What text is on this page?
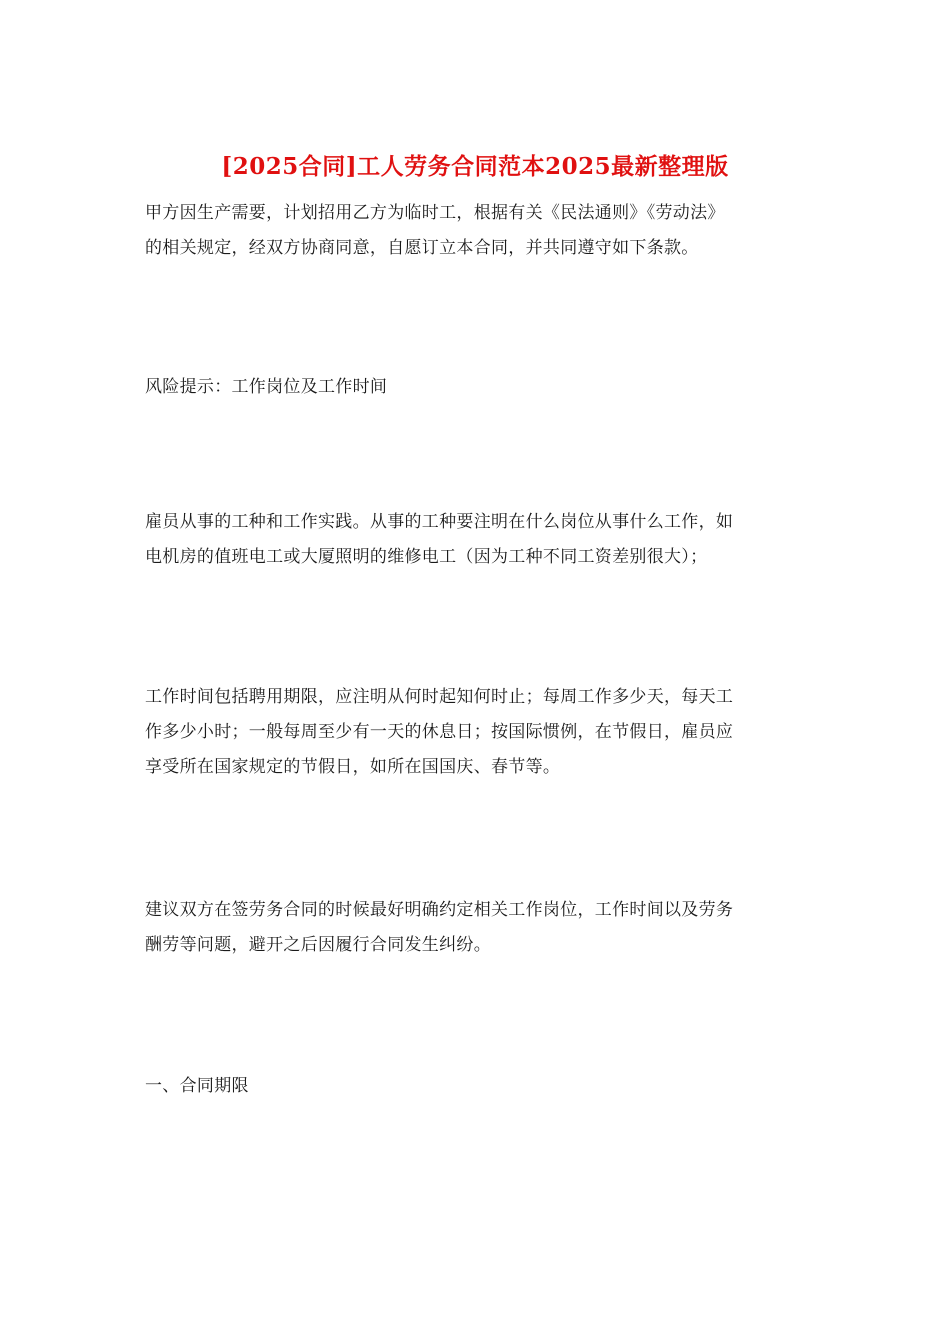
[2025合同]工人劳务合同范本2025最新整理版

甲方因生产需要，计划招用乙方为临时工，根据有关《民法通则》《劳动法》
的相关规定，经双方协商同意，自愿订立本合同，并共同遵守如下条款。

风险提示：工作岗位及工作时间

雇员从事的工种和工作实践。从事的工种要注明在什么岗位从事什么工作，如
电机房的值班电工或大厦照明的维修电工（因为工种不同工资差别很大）；

工作时间包括聘用期限，应注明从何时起知何时止；每周工作多少天，每天工
作多少小时；一般每周至少有一天的休息日；按国际惯例，在节假日，雇员应
享受所在国家规定的节假日，如所在国国庆、春节等。

建议双方在签劳务合同的时候最好明确约定相关工作岗位，工作时间以及劳务
酬劳等问题，避开之后因履行合同发生纠纷。

一、合同期限
